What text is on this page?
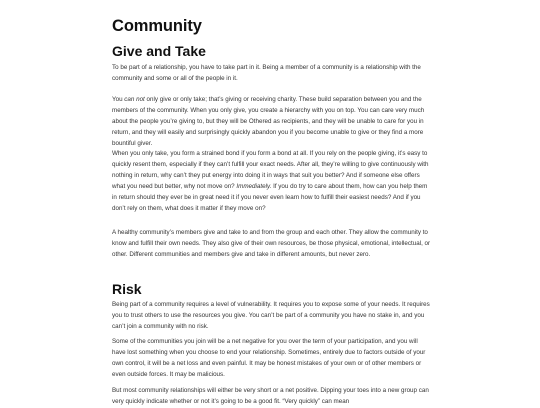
Community
Give and Take

To be part of a relationship, you have to take part in it. Being a member of a community is a relationship with the community and some or all of the people in it.

You can not only give or only take; that’s giving or receiving charity. These build separation between you and the members of the community. When you only give, you create a hierarchy with you on top. You can care very much about the people you’re giving to, but they will be Othered as recipients, and they will be unable to care for you in return, and they will easily and surprisingly quickly abandon you if you become unable to give or they find a more bountiful giver.

When you only take, you form a strained bond if you form a bond at all. If you rely on the people giving, it’s easy to quickly resent them, especially if they can’t fulfill your exact needs. After all, they’re willing to give continuously with nothing in return, why can’t they put energy into doing it in ways that suit you better? And if someone else offers what you need but better, why not move on? Immediately. If you do try to care about them, how can you help them in return should they ever be in great need it if you never even learn how to fulfill their easiest needs? And if you don’t rely on them, what does it matter if they move on?

A healthy community’s members give and take to and from the group and each other. They allow the community to know and fulfill their own needs. They also give of their own resources, be those physical, emotional, intellectual, or other. Different communities and members give and take in different amounts, but never zero.

Risk

Being part of a community requires a level of vulnerability. It requires you to expose some of your needs. It requires you to trust others to use the resources you give. You can’t be part of a community you have no stake in, and you can’t join a community with no risk.

Some of the communities you join will be a net negative for you over the term of your participation, and you will have lost something when you choose to end your relationship. Sometimes, entirely due to factors outside of your own control, it will be a net loss and even painful. It may be honest mistakes of your own or of other members or even outside forces. It may be malicious.

But most community relationships will either be very short or a net positive. Dipping your toes into a new group can very quickly indicate whether or not it’s going to be a good fit. “Very quickly” can mean
